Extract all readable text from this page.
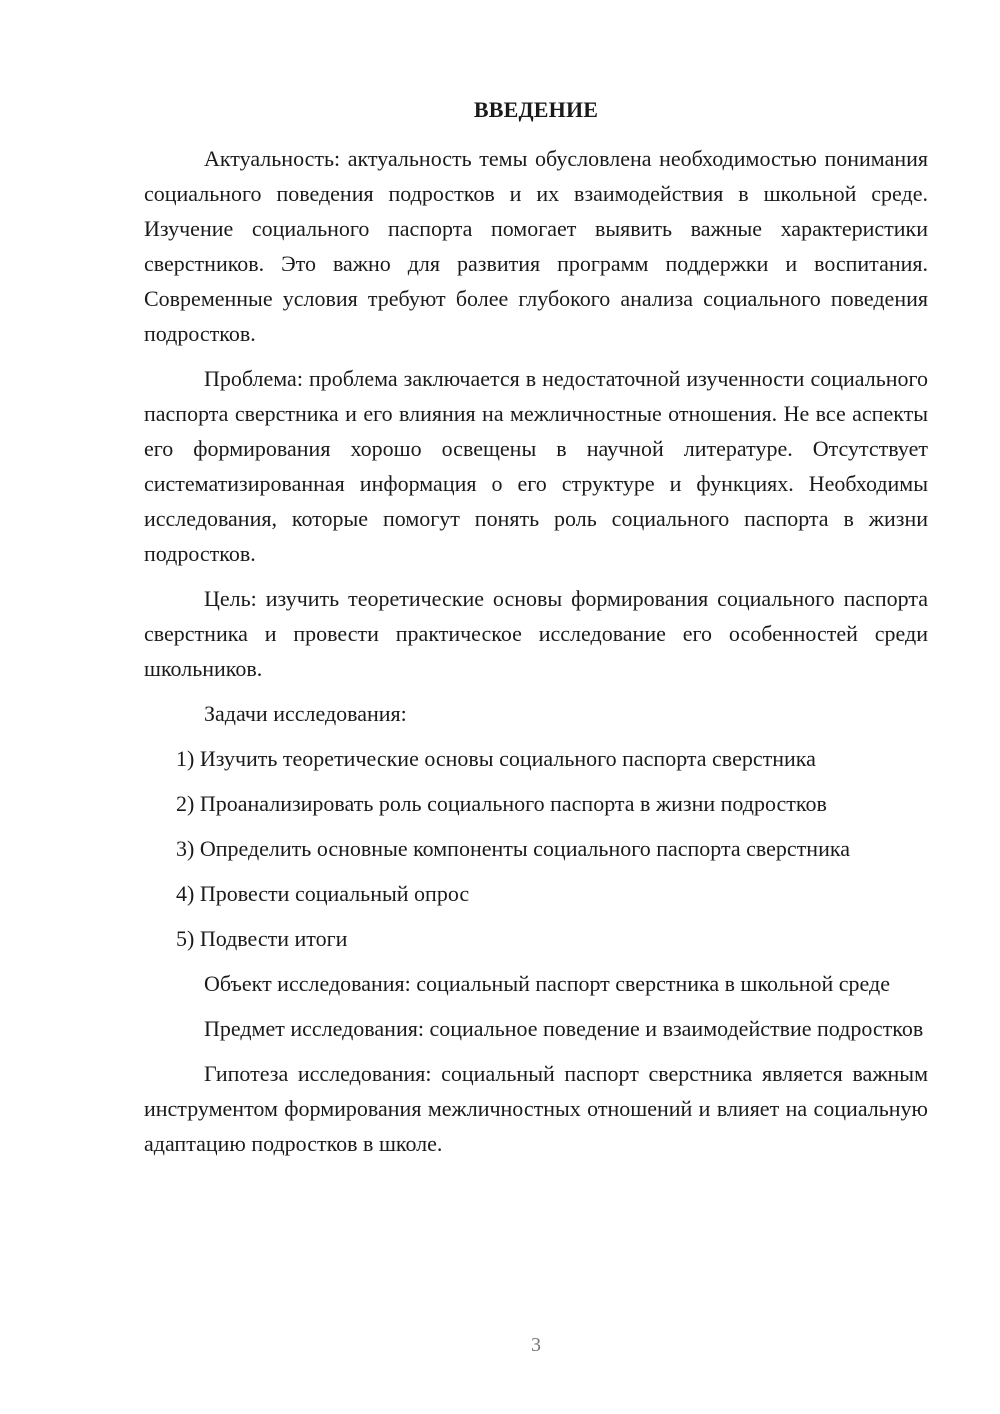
ВВЕДЕНИЕ

Актуальность: актуальность темы обусловлена необходимостью понимания социального поведения подростков и их взаимодействия в школьной среде. Изучение социального паспорта помогает выявить важные характеристики сверстников. Это важно для развития программ поддержки и воспитания. Современные условия требуют более глубокого анализа социального поведения подростков.

Проблема: проблема заключается в недостаточной изученности социального паспорта сверстника и его влияния на межличностные отношения. Не все аспекты его формирования хорошо освещены в научной литературе. Отсутствует систематизированная информация о его структуре и функциях. Необходимы исследования, которые помогут понять роль социального паспорта в жизни подростков.

Цель: изучить теоретические основы формирования социального паспорта сверстника и провести практическое исследование его особенностей среди школьников.

Задачи исследования:

1) Изучить теоретические основы социального паспорта сверстника

2) Проанализировать роль социального паспорта в жизни подростков

3) Определить основные компоненты социального паспорта сверстника

4) Провести социальный опрос

5) Подвести итоги

Объект исследования: социальный паспорт сверстника в школьной среде

Предмет исследования: социальное поведение и взаимодействие подростков

Гипотеза исследования: социальный паспорт сверстника является важным инструментом формирования межличностных отношений и влияет на социальную адаптацию подростков в школе.

3
